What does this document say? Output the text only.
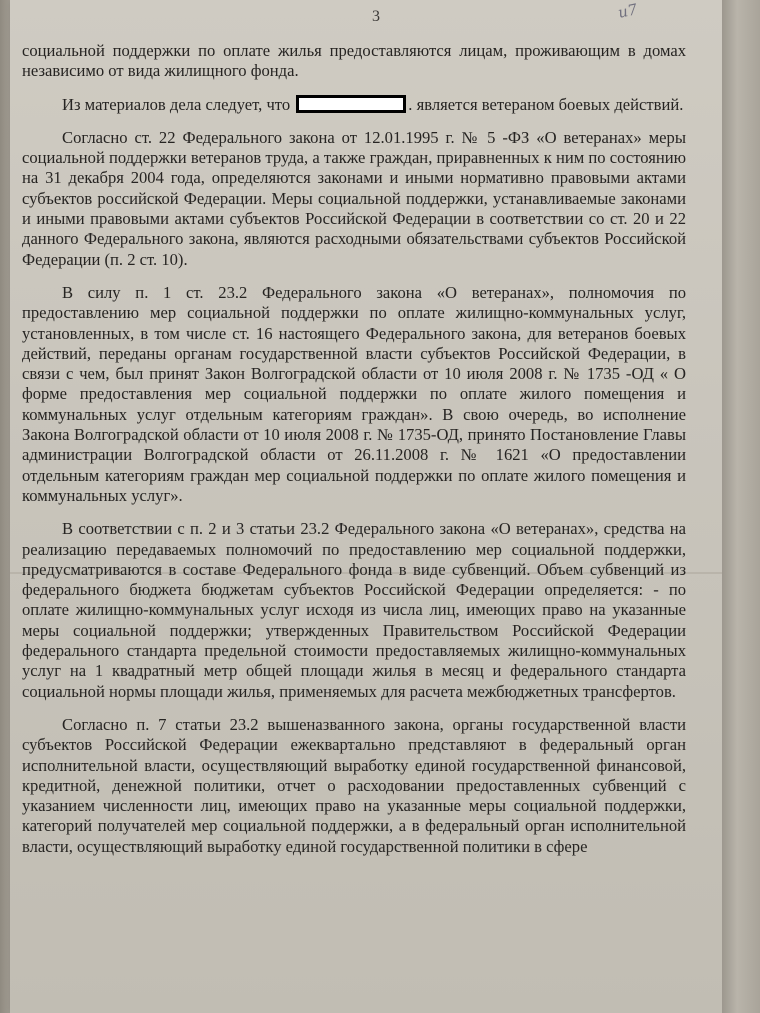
3	и7

социальной поддержки по оплате жилья предоставляются лицам, проживающим в домах независимо от вида жилищного фонда.

Из материалов дела следует, что	. является ветераном боевых действий.

Согласно ст. 22 Федерального закона от 12.01.1995 г. № 5 -ФЗ «О ветеранах» меры социальной поддержки ветеранов труда, а также граждан, приравненных к ним по состоянию на 31 декабря 2004 года, определяются законами и иными нормативно правовыми актами субъектов российской Федерации. Меры социальной поддержки, устанавливаемые законами и иными правовыми актами субъектов Российской Федерации в соответствии со ст. 20 и 22 данного Федерального закона, являются расходными обязательствами субъектов Российской Федерации (п. 2 ст. 10).

В силу п. 1 ст. 23.2 Федерального закона «О ветеранах», полномочия по предоставлению мер социальной поддержки по оплате жилищно-коммунальных услуг, установленных, в том числе ст. 16 настоящего Федерального закона, для ветеранов боевых действий, переданы органам государственной власти субъектов Российской Федерации, в связи с чем, был принят Закон Волгоградской области от 10 июля 2008 г. № 1735 -ОД « О форме предоставления мер социальной поддержки по оплате жилого помещения и коммунальных услуг отдельным категориям граждан». В свою очередь, во исполнение Закона Волгоградской области от 10 июля 2008 г. № 1735-ОД, принято Постановление Главы администрации Волгоградской области от 26.11.2008 г. № 1621 «О предоставлении отдельным категориям граждан мер социальной поддержки по оплате жилого помещения и коммунальных услуг».

В соответствии с п. 2 и 3 статьи 23.2 Федерального закона «О ветеранах», средства на реализацию передаваемых полномочий по предоставлению мер социальной поддержки, предусматриваются в составе Федерального фонда в виде субвенций. Объем субвенций из федерального бюджета бюджетам субъектов Российской Федерации определяется: - по оплате жилищно-коммунальных услуг исходя из числа лиц, имеющих право на указанные меры социальной поддержки; утвержденных Правительством Российской Федерации федерального стандарта предельной стоимости предоставляемых жилищно-коммунальных услуг на 1 квадратный метр общей площади жилья в месяц и федерального стандарта социальной нормы площади жилья, применяемых для расчета межбюджетных трансфертов.

Согласно п. 7 статьи 23.2 вышеназванного закона, органы государственной власти субъектов Российской Федерации ежеквартально представляют в федеральный орган исполнительной власти, осуществляющий выработку единой государственной финансовой, кредитной, денежной политики, отчет о расходовании предоставленных субвенций с указанием численности лиц, имеющих право на указанные меры социальной поддержки, категорий получателей мер социальной поддержки, а в федеральный орган исполнительной власти, осуществляющий выработку единой государственной политики в сфере
